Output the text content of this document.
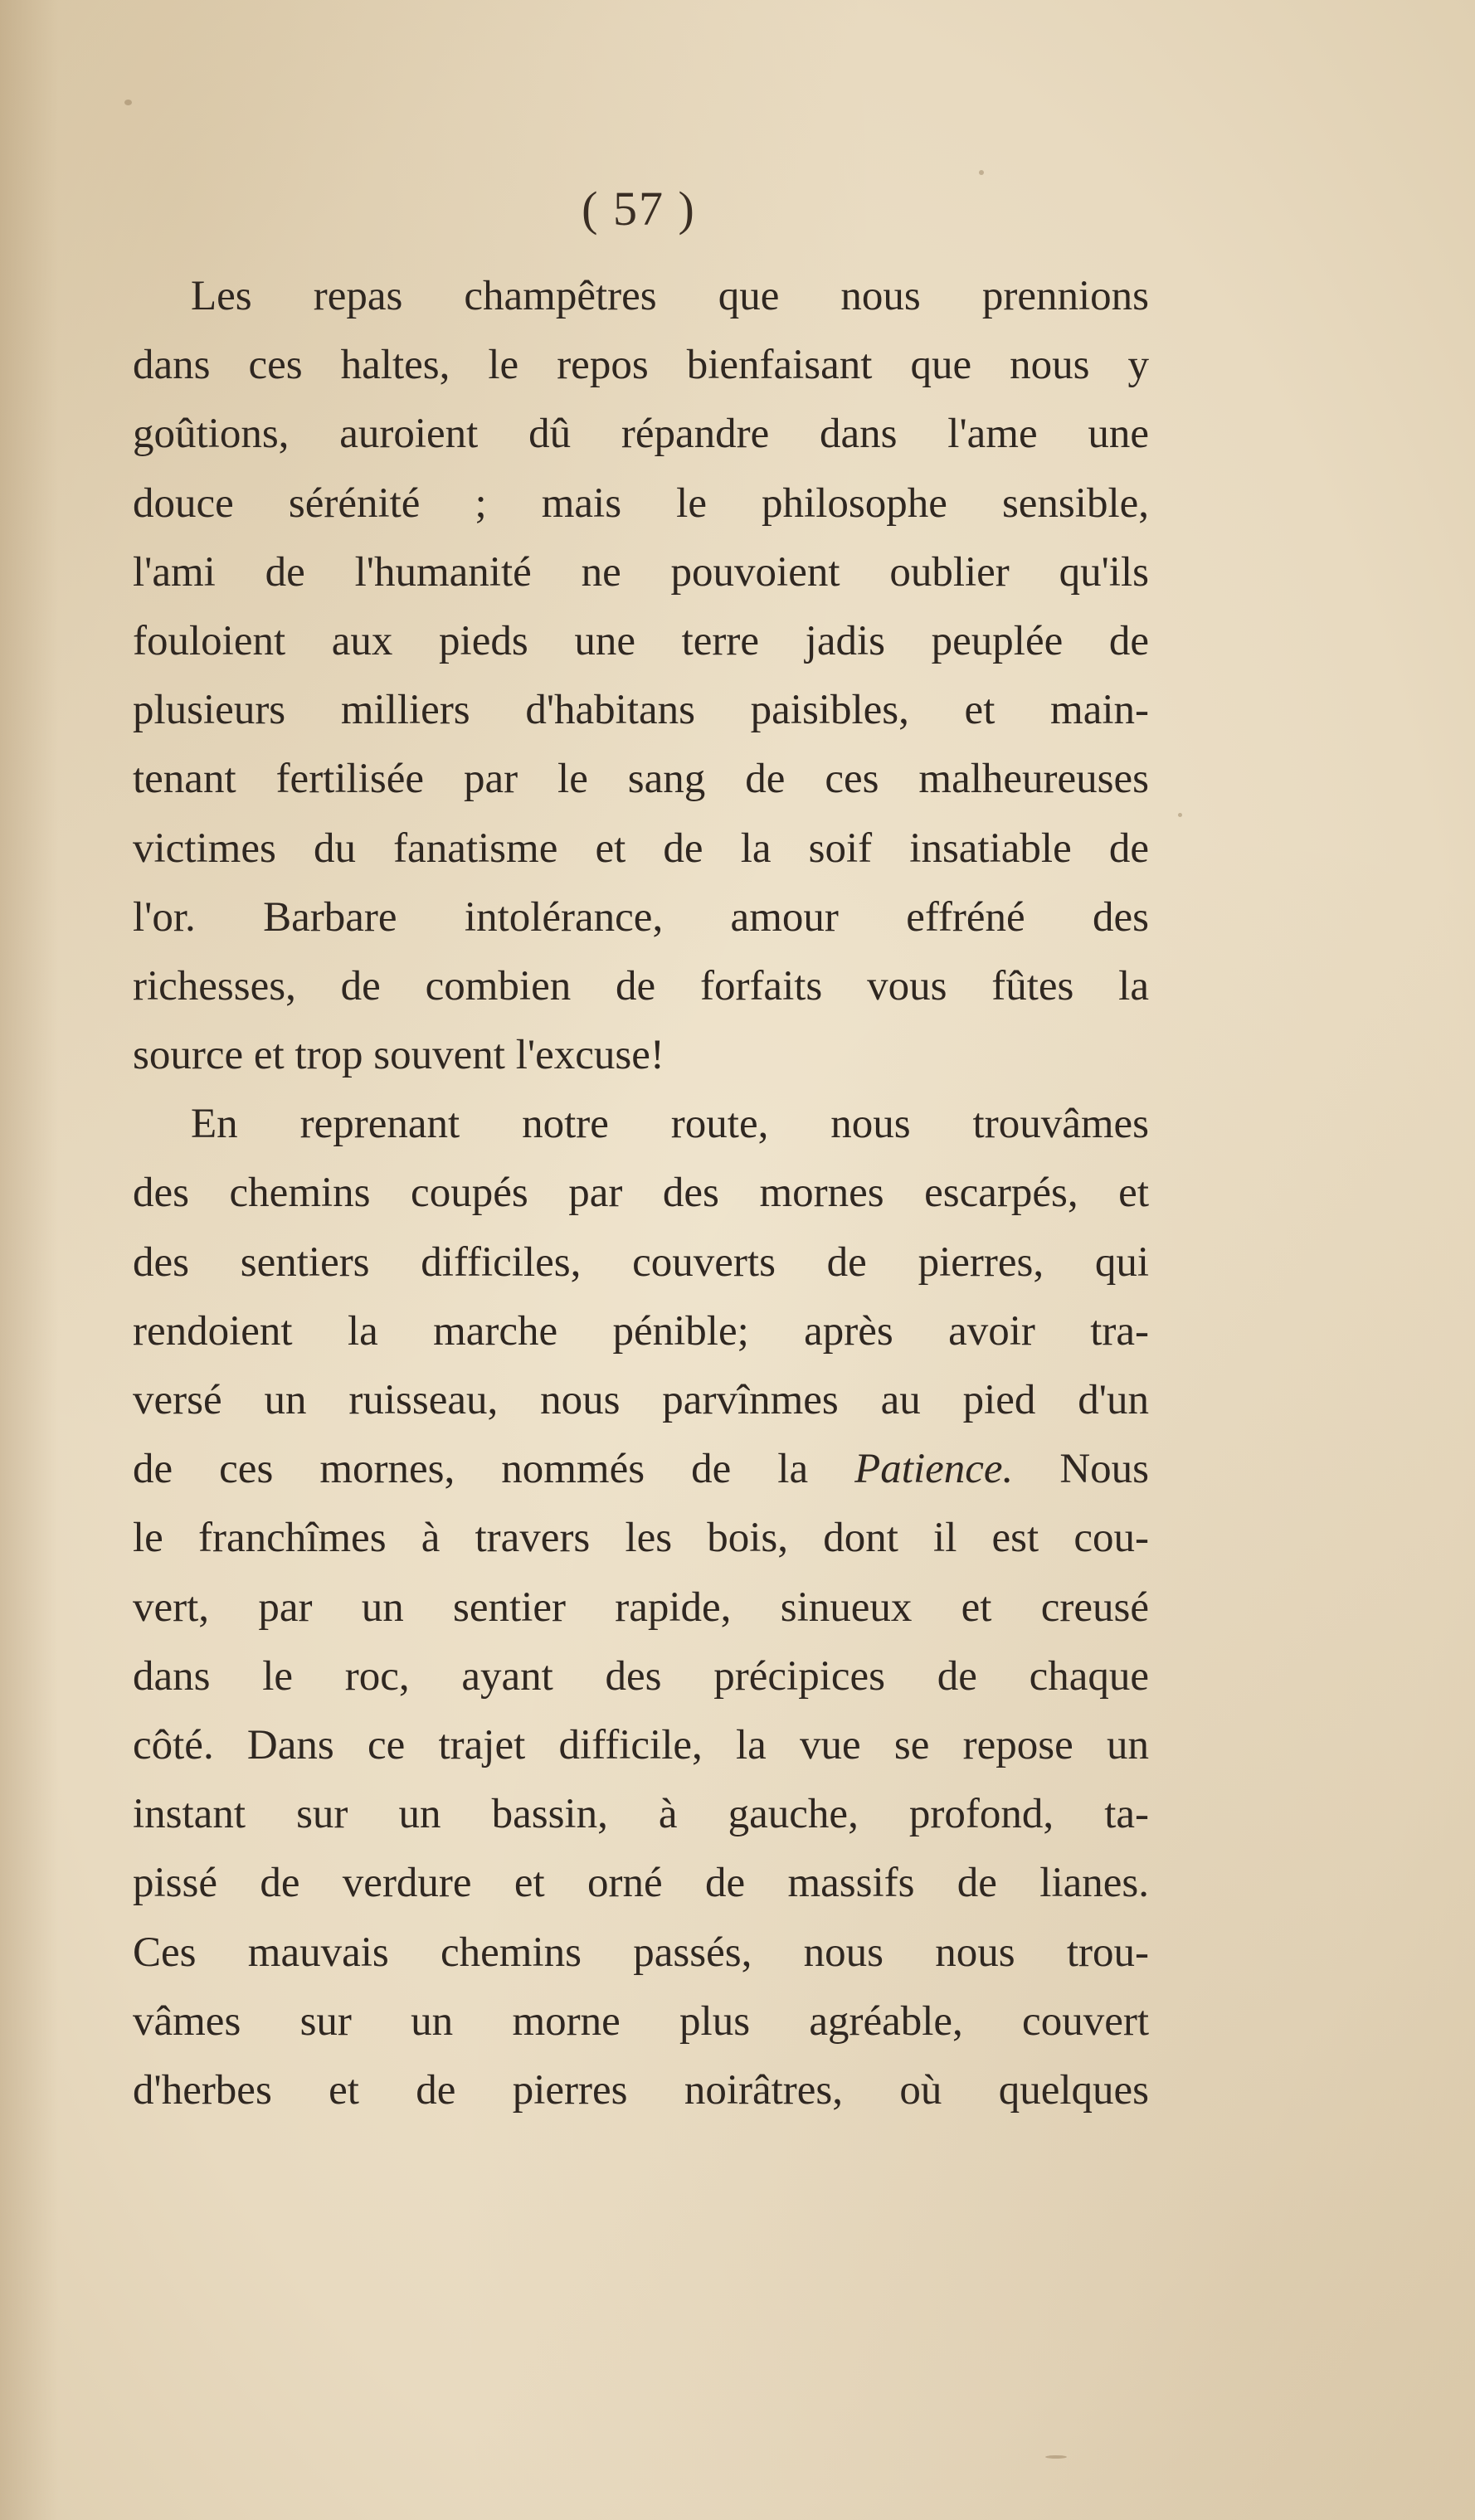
( 57 )
Les repas champêtres que nous prennions
dans ces haltes, le repos bienfaisant que nous y
goûtions, auroient dû répandre dans l'ame une
douce sérénité ; mais le philosophe sensible,
l'ami de l'humanité ne pouvoient oublier qu'ils
fouloient aux pieds une terre jadis peuplée de
plusieurs milliers d'habitans paisibles, et main-
tenant fertilisée par le sang de ces malheureuses
victimes du fanatisme et de la soif insatiable de
l'or. Barbare intolérance, amour effréné des
richesses, de combien de forfaits vous fûtes la
source et trop souvent l'excuse!
En reprenant notre route, nous trouvâmes
des chemins coupés par des mornes escarpés, et
des sentiers difficiles, couverts de pierres, qui
rendoient la marche pénible; après avoir tra-
versé un ruisseau, nous parvînmes au pied d'un
de ces mornes, nommés de la Patience. Nous
le franchîmes à travers les bois, dont il est cou-
vert, par un sentier rapide, sinueux et creusé
dans le roc, ayant des précipices de chaque
côté. Dans ce trajet difficile, la vue se repose un
instant sur un bassin, à gauche, profond, ta-
pissé de verdure et orné de massifs de lianes.
Ces mauvais chemins passés, nous nous trou-
vâmes sur un morne plus agréable, couvert
d'herbes et de pierres noirâtres, où quelques
